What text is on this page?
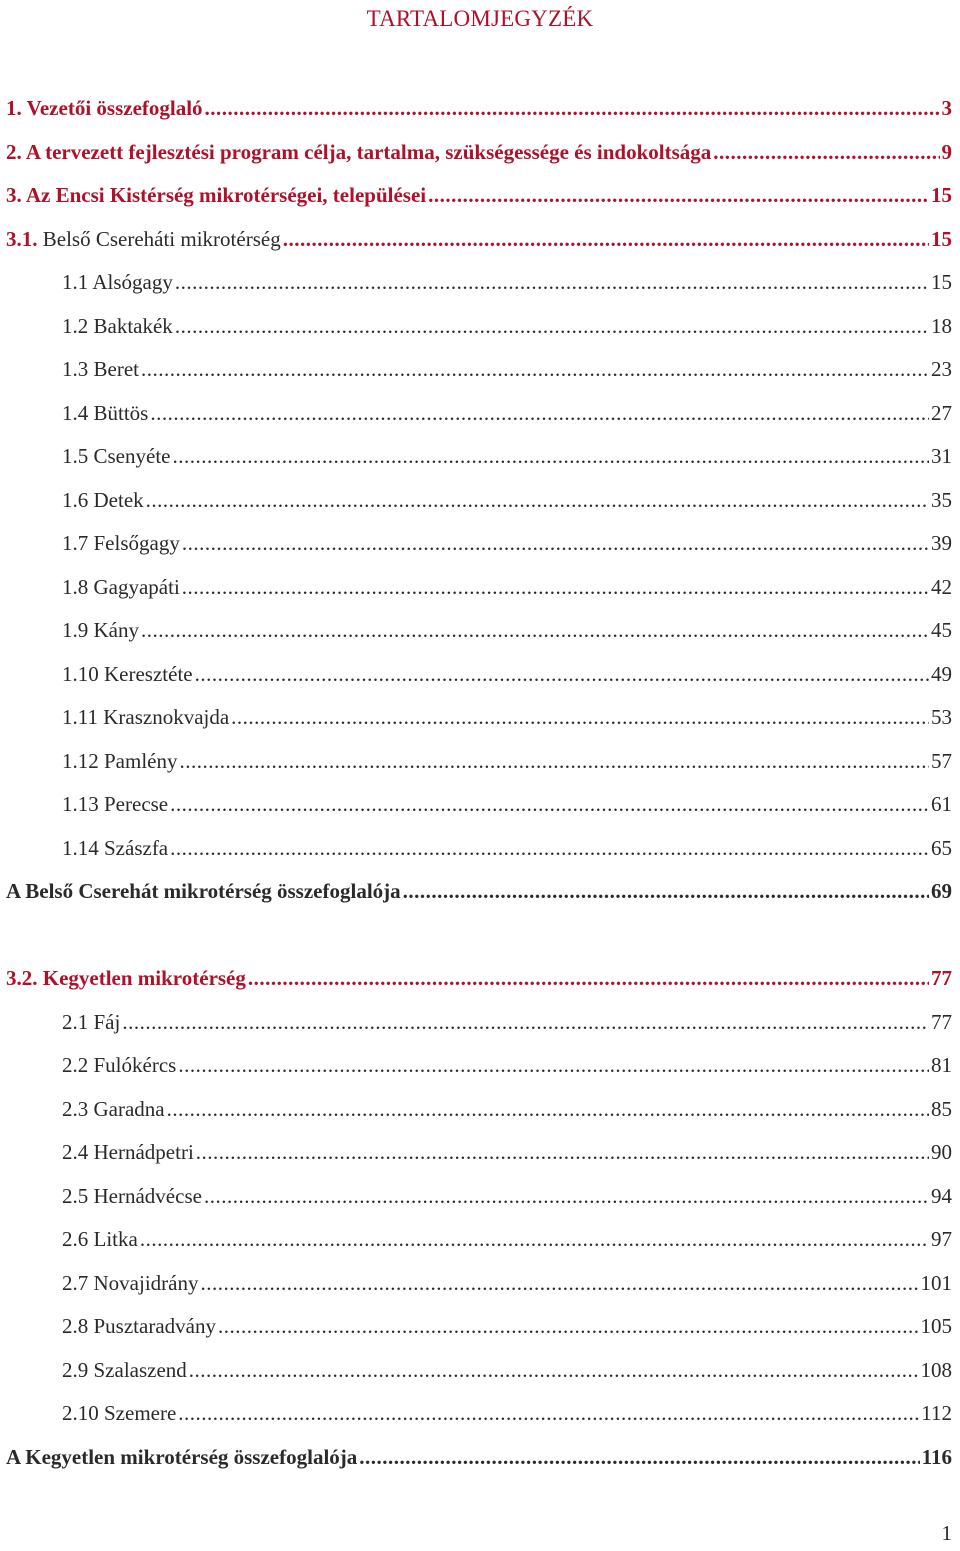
TARTALOMJEGYZÉK
1. Vezetői összefoglaló .....	3
2. A tervezett fejlesztési program célja, tartalma, szükségessége és indokoltsága .....	9
3. Az Encsi Kistérség mikrotérségei, települései .....	15
3.1. Belső Csereháti mikrotérség .....	15
1.1 Alsógagy .....	15
1.2 Baktakék .....	18
1.3 Beret .....	23
1.4 Büttös .....	27
1.5 Csenyéte .....	31
1.6 Detek .....	35
1.7 Felsőgagy .....	39
1.8 Gagyapáti .....	42
1.9 Kány .....	45
1.10 Keresztéte .....	49
1.11 Krasznokvajda .....	53
1.12 Pamlény .....	57
1.13 Perecse .....	61
1.14 Szászfa .....	65
A Belső Cserehát mikrotérség összefoglalója .....	69
3.2. Kegyetlen mikrotérség .....	77
2.1 Fáj .....	77
2.2 Fulókércs .....	81
2.3 Garadna .....	85
2.4 Hernádpetri .....	90
2.5 Hernádvécse .....	94
2.6 Litka .....	97
2.7 Novajidrány .....	101
2.8 Pusztaradvány .....	105
2.9 Szalaszend .....	108
2.10 Szemere .....	112
A Kegyetlen mikrotérség összefoglalója .....	116
1
